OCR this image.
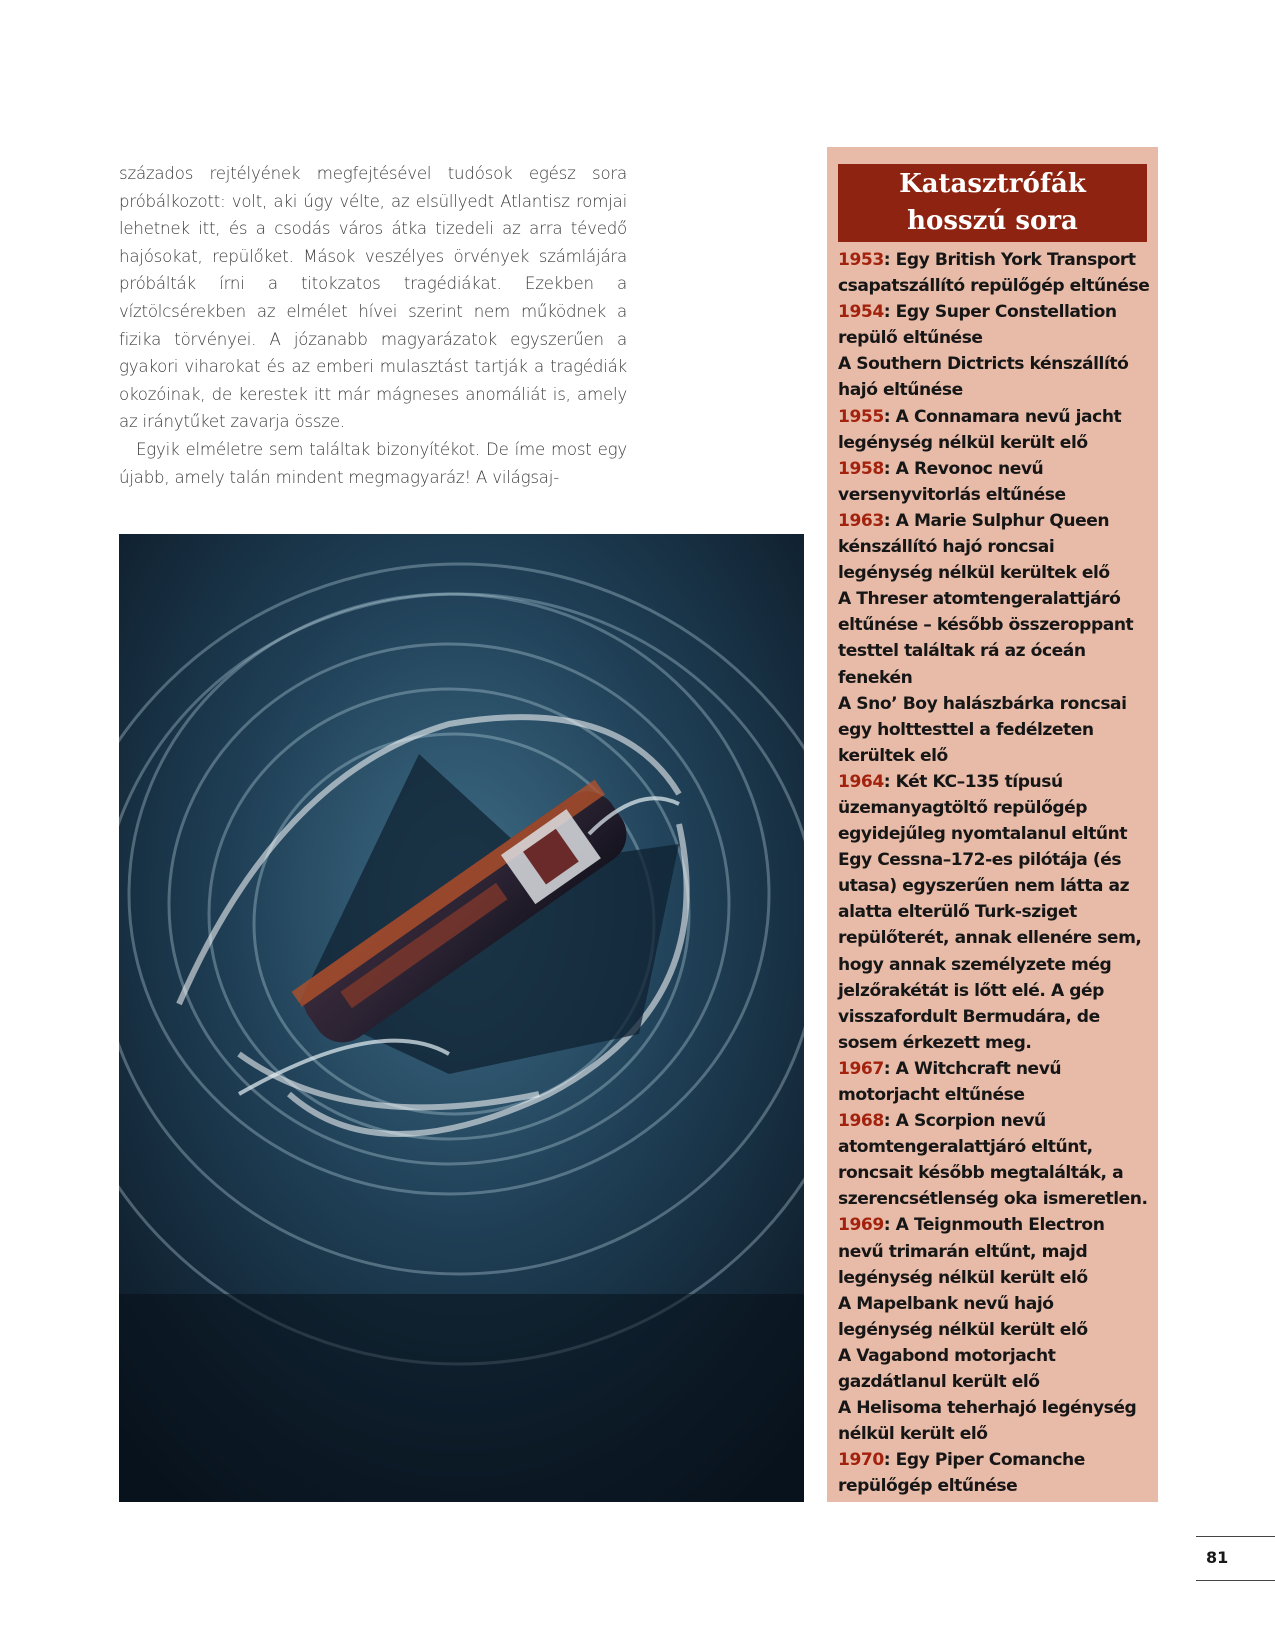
százados rejtélyének megfejtésével tudósok egész sora próbálkozott: volt, aki úgy vélte, az elsüllyedt Atlantisz romjai lehetnek itt, és a csodás város átka tizedeli az arra tévedő hajósokat, repülőket. Mások veszélyes örvények számlájára próbálták írni a titokzatos tragédiákat. Ezekben a víztölcsérekben az elmélet hívei szerint nem működnek a fizika törvényei. A józanabb magyarázatok egyszerűen a gyakori viharokat és az emberi mulasztást tartják a tragédiák okozóinak, de kerestek itt már mágneses anomáliát is, amely az iránytűket zavarja össze.

Egyik elméletre sem találtak bizonyítékot. De íme most egy újabb, amely talán mindent megmagyaráz! A világsaj-

Katasztrófák
hosszú sora

1953: Egy British York Transport csapatszállító repülőgép eltűnése

1954: Egy Super Constellation repülő eltűnése

A Southern Dictricts kénszállító hajó eltűnése

1955: A Connamara nevű jacht legénység nélkül került elő

1958: A Revonoc nevű versenyvitorlás eltűnése

1963: A Marie Sulphur Queen kénszállító hajó roncsai legénység nélkül kerültek elő

A Threser atomtengeralattjáró eltűnése – később összeroppant testtel találtak rá az óceán fenekén

A Sno’ Boy halászbárka roncsai egy holttesttel a fedélzeten kerültek elő

1964: Két KC–135 típusú üzemanyagtöltő repülőgép egyidejűleg nyomtalanul eltűnt

Egy Cessna–172-es pilótája (és utasa) egyszerűen nem látta az alatta elterülő Turk-sziget repülőterét, annak ellenére sem, hogy annak személyzete még jelzőrakétát is lőtt elé. A gép visszafordult Bermudára, de sosem érkezett meg.

1967: A Witchcraft nevű motorjacht eltűnése

1968: A Scorpion nevű atomtengeralattjáró eltűnt, roncsait később megtalálták, a szerencsétlenség oka ismeretlen.

1969: A Teignmouth Electron nevű trimarán eltűnt, majd legénység nélkül került elő

A Mapelbank nevű hajó legénység nélkül került elő

A Vagabond motorjacht gazdátlanul került elő

A Helisoma teherhajó legénység nélkül került elő

1970: Egy Piper Comanche repülőgép eltűnése

81
